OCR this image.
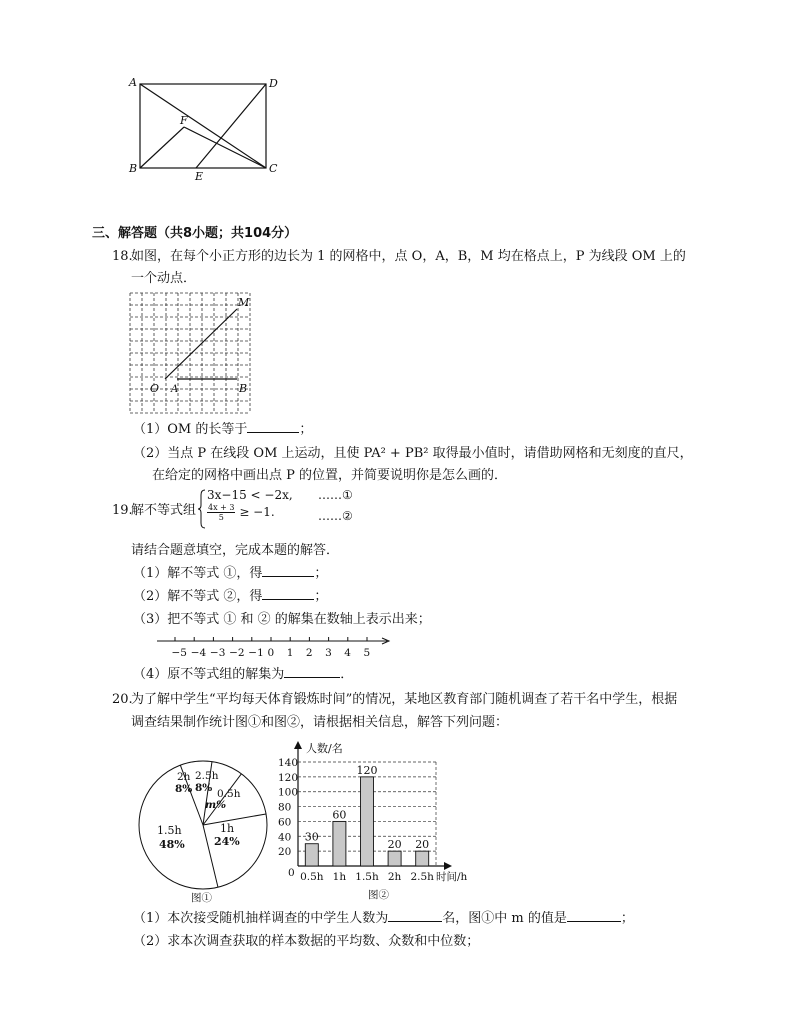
A	D
F
B
E
C
三、解答题（共8小题；共104分）
18.
如图，在每个小正方形的边长为 1 的网格中，点 O，A，B，M 均在格点上，P 为线段 OM 上的
一个动点．
M
O A	B
（1）OM 的长等于	；
（2）当点 P 在线段 OM 上运动，且使 PA² + PB² 取得最小值时，请借助网格和无刻度的直尺，
在给定的网格中画出点 P 的位置，并简要说明你是怎么画的．
19.
解不等式组
3x−15 < −2x,
$\frac{4x + 3}{5} \ge -1$.
……①
……②
请结合题意填空，完成本题的解答．
（1）解不等式 ①，得	；
（2）解不等式 ②，得	；
（3）把不等式 ① 和 ② 的解集在数轴上表示出来；
−5 −4 −3 −2 −1 0 1 2 3 4 5
（4）原不等式组的解集为	．
20.
为了解中学生“平均每天体育锻炼时间”的情况，某地区教育部门随机调查了若干名中学生，根据
调查结果制作统计图①和图②，请根据相关信息，解答下列问题：
2h
8%
2.5h
8% 0.5h
m%
1h
24%
1.5h
48%
图①
人数/名
时间/h
0
图②
20
40
60
80
100
120
140
30
0.5h
60
1h
120
1.5h
20
2h
20
2.5h
（1）本次接受随机抽样调查的中学生人数为	名，图①中 m 的值是	；
（2）求本次调查获取的样本数据的平均数、众数和中位数；
